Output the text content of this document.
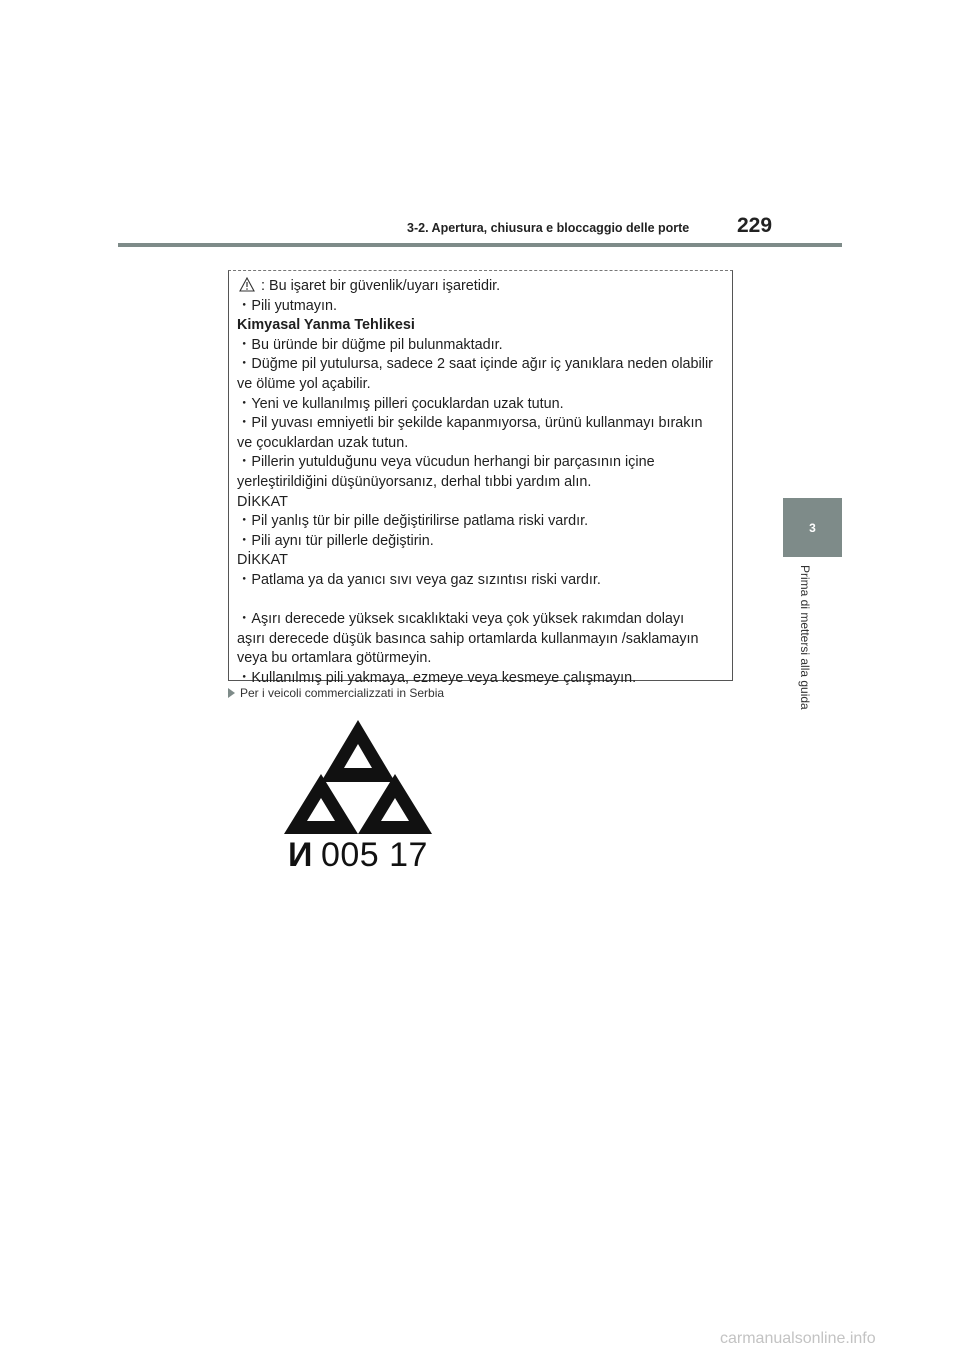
3-2. Apertura, chiusura e bloccaggio delle porte 229
3
Prima di mettersi alla guida
: Bu işaret bir güvenlik/uyarı işaretidir.
・Pili yutmayın.
Kimyasal Yanma Tehlikesi
・Bu üründe bir düğme pil bulunmaktadır.
・Düğme pil yutulursa, sadece 2 saat içinde ağır iç yanıklara neden olabilir
ve ölüme yol açabilir.
・Yeni ve kullanılmış pilleri çocuklardan uzak tutun.
・Pil yuvası emniyetli bir şekilde kapanmıyorsa, ürünü kullanmayı bırakın
ve çocuklardan uzak tutun.
・Pillerin yutulduğunu veya vücudun herhangi bir parçasının içine
yerleştirildiğini düşünüyorsanız, derhal tıbbi yardım alın.
DİKKAT
・Pil yanlış tür bir pille değiştirilirse patlama riski vardır.
・Pili aynı tür pillerle değiştirin.
DİKKAT
・Patlama ya da yanıcı sıvı veya gaz sızıntısı riski vardır.
・Aşırı derecede yüksek sıcaklıktaki veya çok yüksek rakımdan dolayı
aşırı derecede düşük basınca sahip ortamlarda kullanmayın /saklamayın
veya bu ortamlara götürmeyin.
・Kullanılmış pili yakmaya, ezmeye veya kesmeye çalışmayın.
Per i veicoli commercializzati in Serbia
И 005 17
carmanualsonline.info
